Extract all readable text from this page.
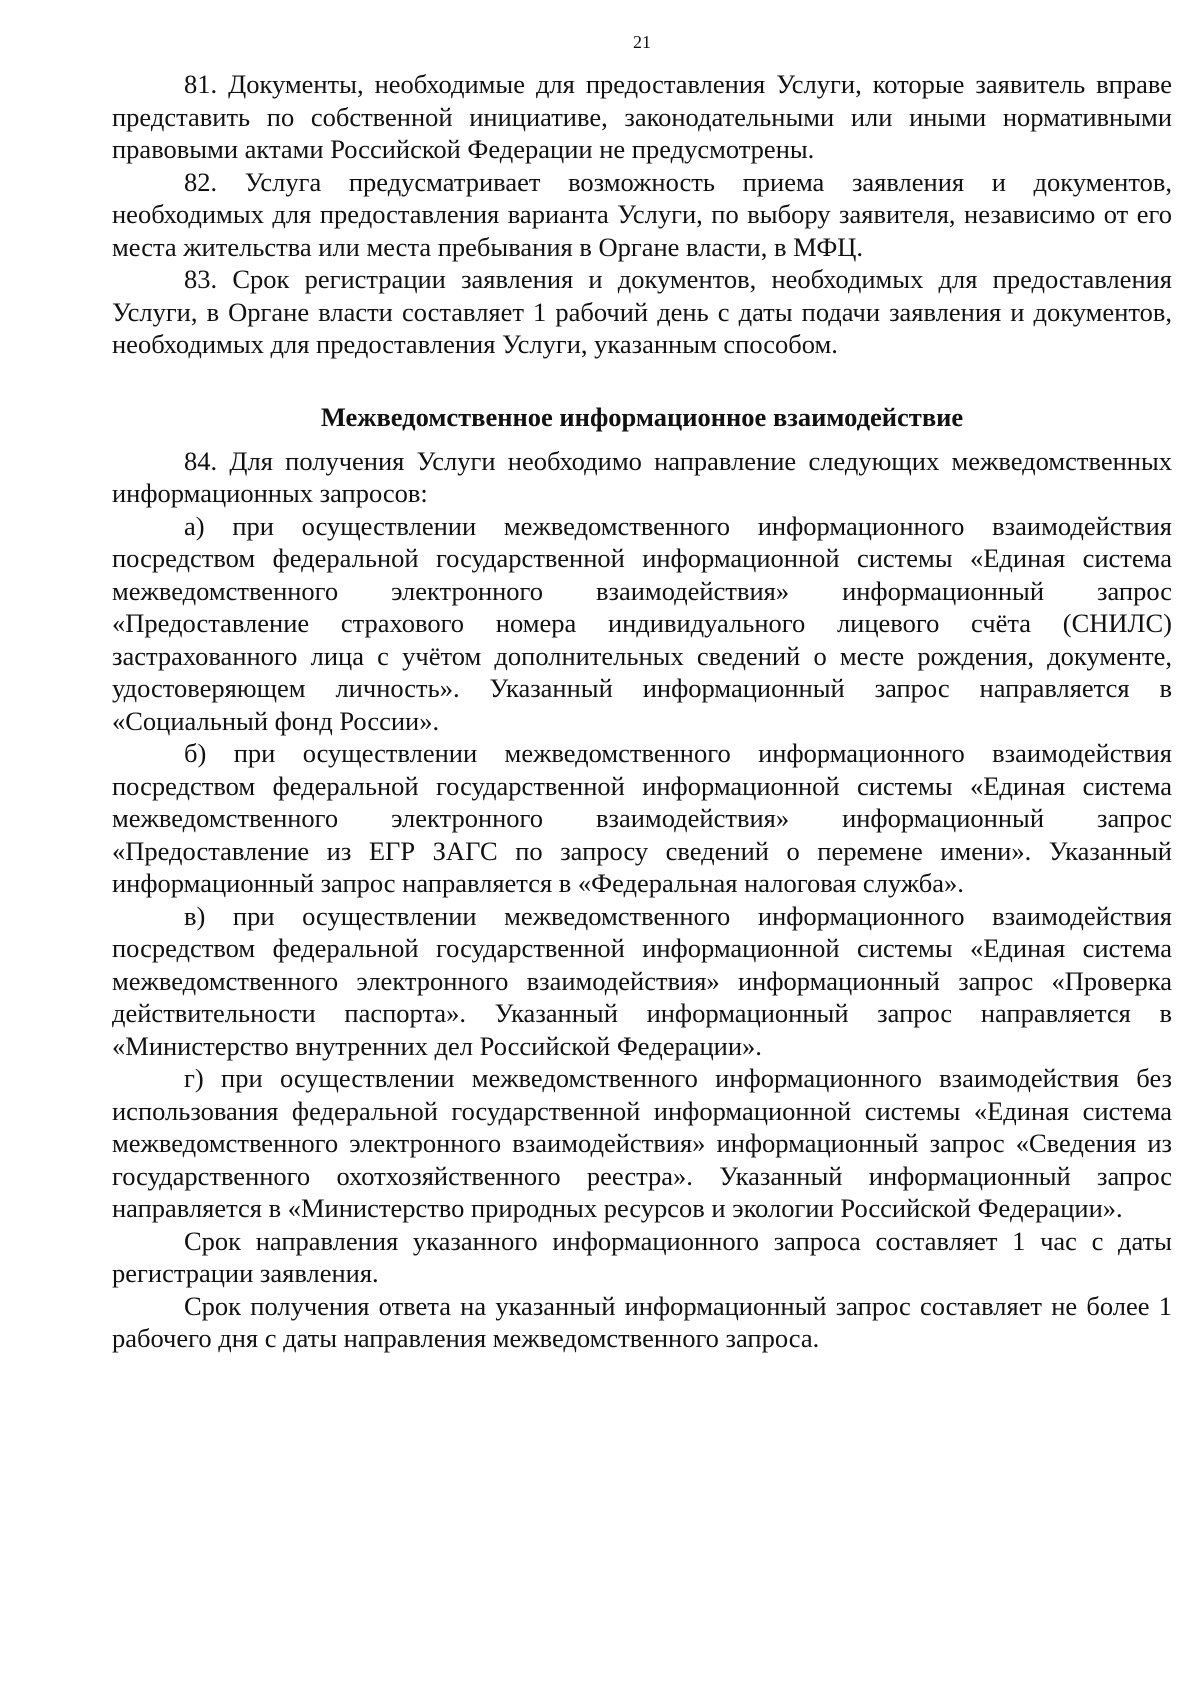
21

81. Документы, необходимые для предоставления Услуги, которые заявитель вправе представить по собственной инициативе, законодательными или иными нормативными правовыми актами Российской Федерации не предусмотрены.

82. Услуга предусматривает возможность приема заявления и документов, необходимых для предоставления варианта Услуги, по выбору заявителя, независимо от его места жительства или места пребывания в Органе власти, в МФЦ.

83. Срок регистрации заявления и документов, необходимых для предоставления Услуги, в Органе власти составляет 1 рабочий день с даты подачи заявления и документов, необходимых для предоставления Услуги, указанным способом.

Межведомственное информационное взаимодействие

84. Для получения Услуги необходимо направление следующих межведомственных информационных запросов:

а) при осуществлении межведомственного информационного взаимодействия посредством федеральной государственной информационной системы «Единая система межведомственного электронного взаимодействия» информационный запрос «Предоставление страхового номера индивидуального лицевого счёта (СНИЛС) застрахованного лица с учётом дополнительных сведений о месте рождения, документе, удостоверяющем личность». Указанный информационный запрос направляется в «Социальный фонд России».

б) при осуществлении межведомственного информационного взаимодействия посредством федеральной государственной информационной системы «Единая система межведомственного электронного взаимодействия» информационный запрос «Предоставление из ЕГР ЗАГС по запросу сведений о перемене имени». Указанный информационный запрос направляется в «Федеральная налоговая служба».

в) при осуществлении межведомственного информационного взаимодействия посредством федеральной государственной информационной системы «Единая система межведомственного электронного взаимодействия» информационный запрос «Проверка действительности паспорта». Указанный информационный запрос направляется в «Министерство внутренних дел Российской Федерации».

г) при осуществлении межведомственного информационного взаимодействия без использования федеральной государственной информационной системы «Единая система межведомственного электронного взаимодействия» информационный запрос «Сведения из государственного охотхозяйственного реестра». Указанный информационный запрос направляется в «Министерство природных ресурсов и экологии Российской Федерации».

Срок направления указанного информационного запроса составляет 1 час с даты регистрации заявления.

Срок получения ответа на указанный информационный запрос составляет не более 1 рабочего дня с даты направления межведомственного запроса.
